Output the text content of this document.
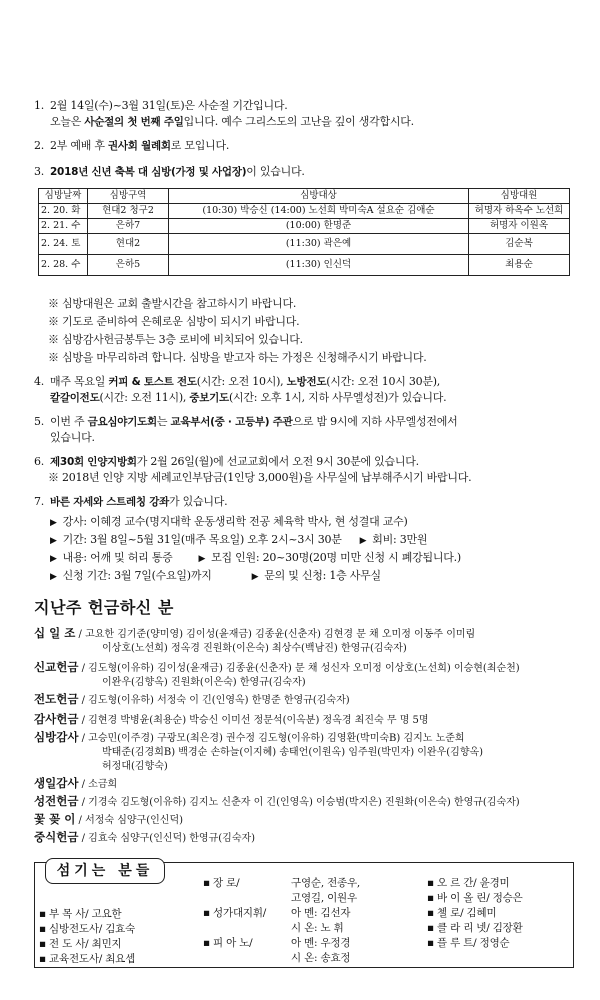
1. 2월 14일(수)~3월 31일(토)은 사순절 기간입니다.
오늘은 사순절의 첫 번째 주일입니다. 예수 그리스도의 고난을 깊이 생각합시다.
2. 2부 예배 후 권사회 월례회로 모입니다.
3. 2018년 신년 축복 대 심방(가정 및 사업장)이 있습니다.
심방날짜	심방구역	심방대상	심방대원
2. 20. 화	현대2 청구2	(10:30) 박승신 (14:00) 노선희 박미숙A 설요순 김애순	허명자 하옥수 노선희
2. 21. 수	은하7	(10:00) 한명준	허명자 이원옥
2. 24. 토	현대2	(11:30) 곽은예	김순복
2. 28. 수	은하5	(11:30) 인신덕	최용순
※ 심방대원은 교회 출발시간을 참고하시기 바랍니다.
※ 기도로 준비하여 은혜로운 심방이 되시기 바랍니다.
※ 심방감사헌금봉투는 3층 로비에 비치되어 있습니다.
※ 심방을 마무리하려 합니다. 심방을 받고자 하는 가정은 신청해주시기 바랍니다.
4. 매주 목요일 커피 & 토스트 전도(시간: 오전 10시), 노방전도(시간: 오전 10시 30분),
칼갈이전도(시간: 오전 11시), 중보기도(시간: 오후 1시, 지하 사무엘성전)가 있습니다.
5. 이번 주 금요심야기도회는 교육부서(중 · 고등부) 주관으로 밤 9시에 지하 사무엘성전에서
있습니다.
6. 제30회 인양지방회가 2월 26일(월)에 선교교회에서 오전 9시 30분에 있습니다.
※ 2018년 인양 지방 세례교인부담금(1인당 3,000원)을 사무실에 납부해주시기 바랍니다.
7. 바른 자세와 스트레칭 강좌가 있습니다.
▶ 강사: 이혜경 교수(명지대학 운동생리학 전공 체육학 박사, 현 성결대 교수)
▶ 기간: 3월 8일~5월 31일(매주 목요일) 오후 2시~3시 30분 ▶ 회비: 3만원
▶ 내용: 어깨 및 허리 통증	▶ 모집 인원: 20~30명(20명 미만 신청 시 폐강됩니다.)
▶ 신청 기간: 3월 7일(수요일)까지	▶ 문의 및 신청: 1층 사무실
지난주 헌금하신 분
십 일 조 / 고요한 김기준(양미영) 김이성(윤재금) 김종윤(신춘자) 김현경 문 채 오미정 이동주 이미림
이상호(노선희) 정옥경 진원화(이은숙) 최상수(백남진) 한영규(김숙자)
신교헌금 / 김도형(이유하) 김이성(윤재금) 김종윤(신춘자) 문 채 성신자 오미정 이상호(노선희) 이승현(최순천)
이완우(김향옥) 진원화(이은숙) 한영규(김숙자)
전도헌금 / 김도형(이유하) 서정숙 이 긴(인영옥) 한명준 한영규(김숙자)
감사헌금 / 김현경 박병윤(최용순) 박승신 이미선 정문석(이옥분) 정옥경 최진숙 무 명 5명
심방감사 / 고승민(이주경) 구광모(최은경) 권수정 김도형(이유하) 김영환(박미숙B) 김지노 노준희
박태준(김경희B) 백경순 손하늘(이지혜) 송태언(이원옥) 임주원(박민자) 이완우(김향옥)
허정대(김향숙)
생일감사 / 소금희
성전헌금 / 기경숙 김도형(이유하) 김지노 신춘자 이 긴(인영옥) 이승범(박지은) 진원화(이은숙) 한영규(김숙자)
꽃 꽂 이 / 서정숙 심양구(인신덕)
중식헌금 / 김효숙 심양구(인신덕) 한영규(김숙자)
섬기는 분들
▪ 부 목 사/ 고요한
▪ 심방전도사/ 김효숙
▪ 전 도 사/ 최민지
▪ 교육전도사/ 최요셉
▪ 장 로/
▪ 성가대지휘/
▪ 피 아 노/
구영순, 전종우,
고영길, 이원우
아 멘: 김선자
시 온: 노 휘
아 멘: 우정경
시 온: 송효정
▪ 오 르 간/ 윤경미
▪ 바 이 올 린/ 정승은
▪ 첼 로/ 김혜미
▪ 클 라 리 넷/ 김장환
▪ 플 루 트/ 정영순
